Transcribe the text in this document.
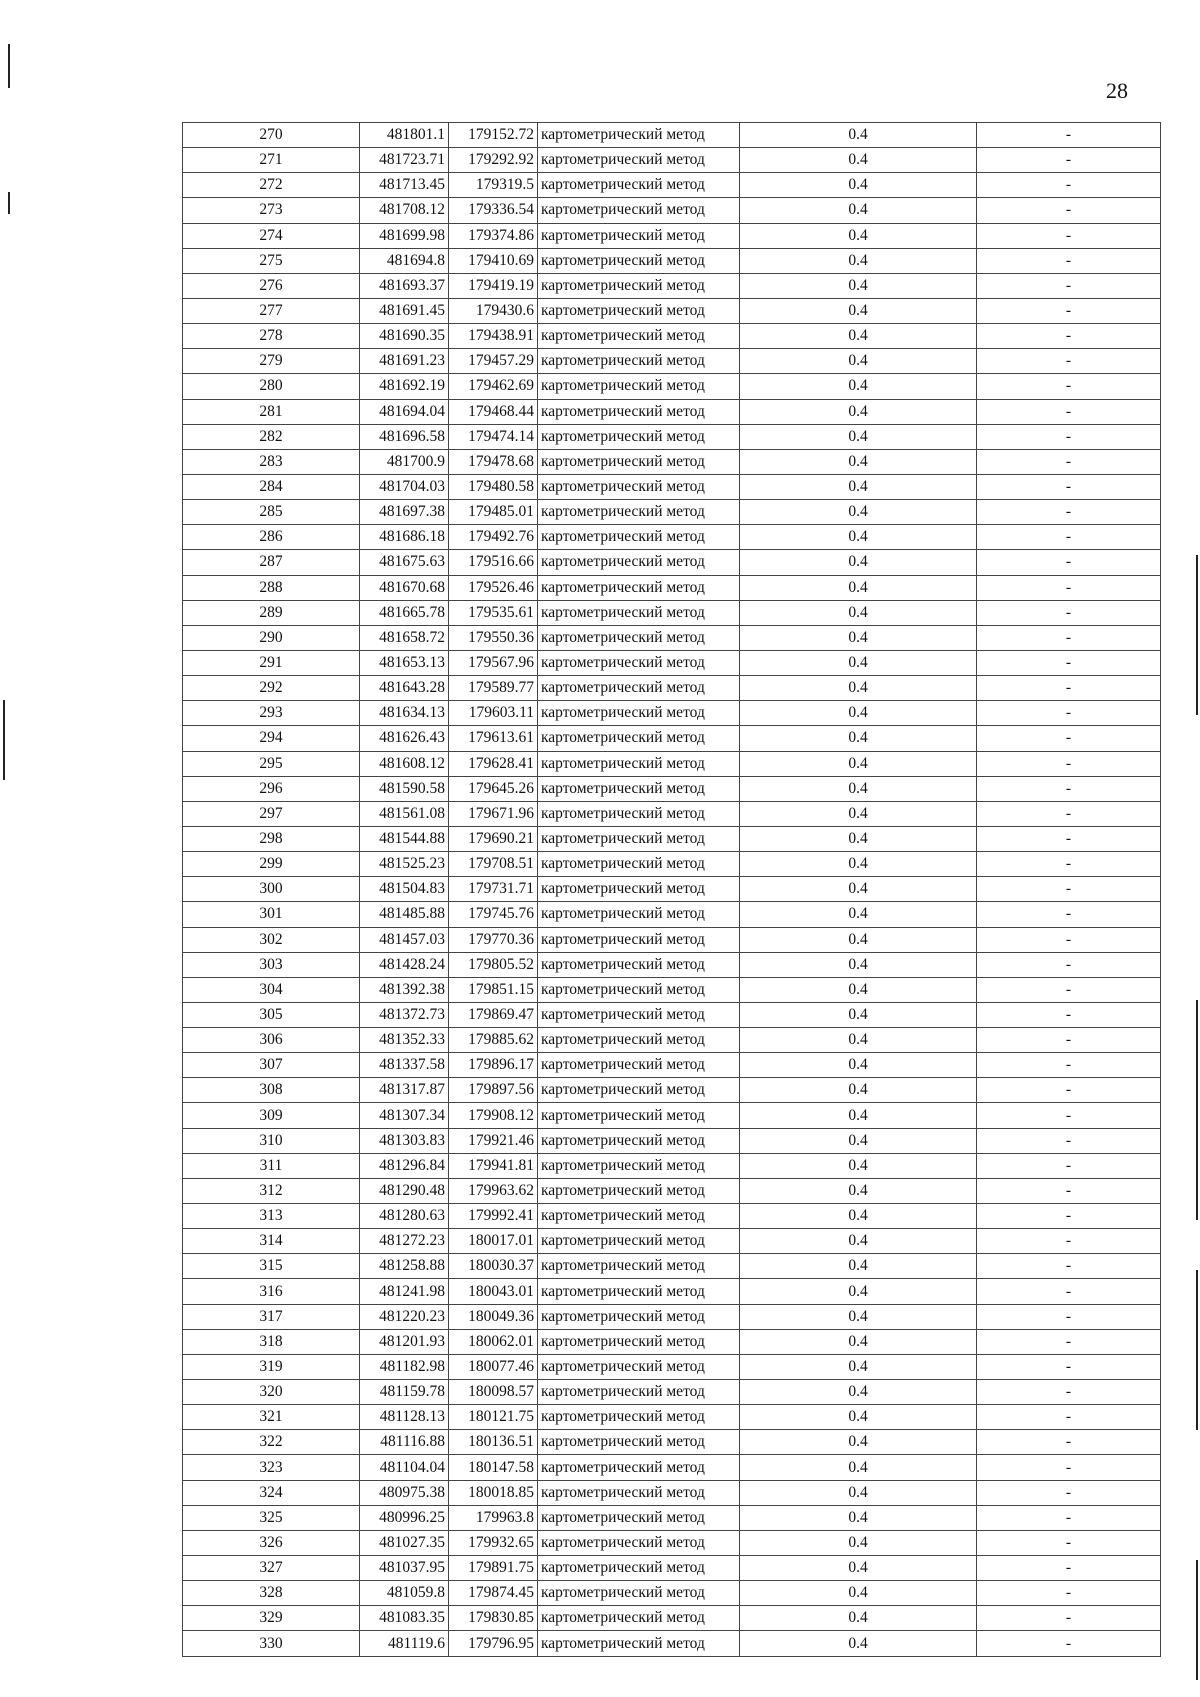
28
270	481801.1	179152.72	картометрический метод	0.4	-
271	481723.71	179292.92	картометрический метод	0.4	-
272	481713.45	179319.5	картометрический метод	0.4	-
273	481708.12	179336.54	картометрический метод	0.4	-
274	481699.98	179374.86	картометрический метод	0.4	-
275	481694.8	179410.69	картометрический метод	0.4	-
276	481693.37	179419.19	картометрический метод	0.4	-
277	481691.45	179430.6	картометрический метод	0.4	-
278	481690.35	179438.91	картометрический метод	0.4	-
279	481691.23	179457.29	картометрический метод	0.4	-
280	481692.19	179462.69	картометрический метод	0.4	-
281	481694.04	179468.44	картометрический метод	0.4	-
282	481696.58	179474.14	картометрический метод	0.4	-
283	481700.9	179478.68	картометрический метод	0.4	-
284	481704.03	179480.58	картометрический метод	0.4	-
285	481697.38	179485.01	картометрический метод	0.4	-
286	481686.18	179492.76	картометрический метод	0.4	-
287	481675.63	179516.66	картометрический метод	0.4	-
288	481670.68	179526.46	картометрический метод	0.4	-
289	481665.78	179535.61	картометрический метод	0.4	-
290	481658.72	179550.36	картометрический метод	0.4	-
291	481653.13	179567.96	картометрический метод	0.4	-
292	481643.28	179589.77	картометрический метод	0.4	-
293	481634.13	179603.11	картометрический метод	0.4	-
294	481626.43	179613.61	картометрический метод	0.4	-
295	481608.12	179628.41	картометрический метод	0.4	-
296	481590.58	179645.26	картометрический метод	0.4	-
297	481561.08	179671.96	картометрический метод	0.4	-
298	481544.88	179690.21	картометрический метод	0.4	-
299	481525.23	179708.51	картометрический метод	0.4	-
300	481504.83	179731.71	картометрический метод	0.4	-
301	481485.88	179745.76	картометрический метод	0.4	-
302	481457.03	179770.36	картометрический метод	0.4	-
303	481428.24	179805.52	картометрический метод	0.4	-
304	481392.38	179851.15	картометрический метод	0.4	-
305	481372.73	179869.47	картометрический метод	0.4	-
306	481352.33	179885.62	картометрический метод	0.4	-
307	481337.58	179896.17	картометрический метод	0.4	-
308	481317.87	179897.56	картометрический метод	0.4	-
309	481307.34	179908.12	картометрический метод	0.4	-
310	481303.83	179921.46	картометрический метод	0.4	-
311	481296.84	179941.81	картометрический метод	0.4	-
312	481290.48	179963.62	картометрический метод	0.4	-
313	481280.63	179992.41	картометрический метод	0.4	-
314	481272.23	180017.01	картометрический метод	0.4	-
315	481258.88	180030.37	картометрический метод	0.4	-
316	481241.98	180043.01	картометрический метод	0.4	-
317	481220.23	180049.36	картометрический метод	0.4	-
318	481201.93	180062.01	картометрический метод	0.4	-
319	481182.98	180077.46	картометрический метод	0.4	-
320	481159.78	180098.57	картометрический метод	0.4	-
321	481128.13	180121.75	картометрический метод	0.4	-
322	481116.88	180136.51	картометрический метод	0.4	-
323	481104.04	180147.58	картометрический метод	0.4	-
324	480975.38	180018.85	картометрический метод	0.4	-
325	480996.25	179963.8	картометрический метод	0.4	-
326	481027.35	179932.65	картометрический метод	0.4	-
327	481037.95	179891.75	картометрический метод	0.4	-
328	481059.8	179874.45	картометрический метод	0.4	-
329	481083.35	179830.85	картометрический метод	0.4	-
330	481119.6	179796.95	картометрический метод	0.4	-
